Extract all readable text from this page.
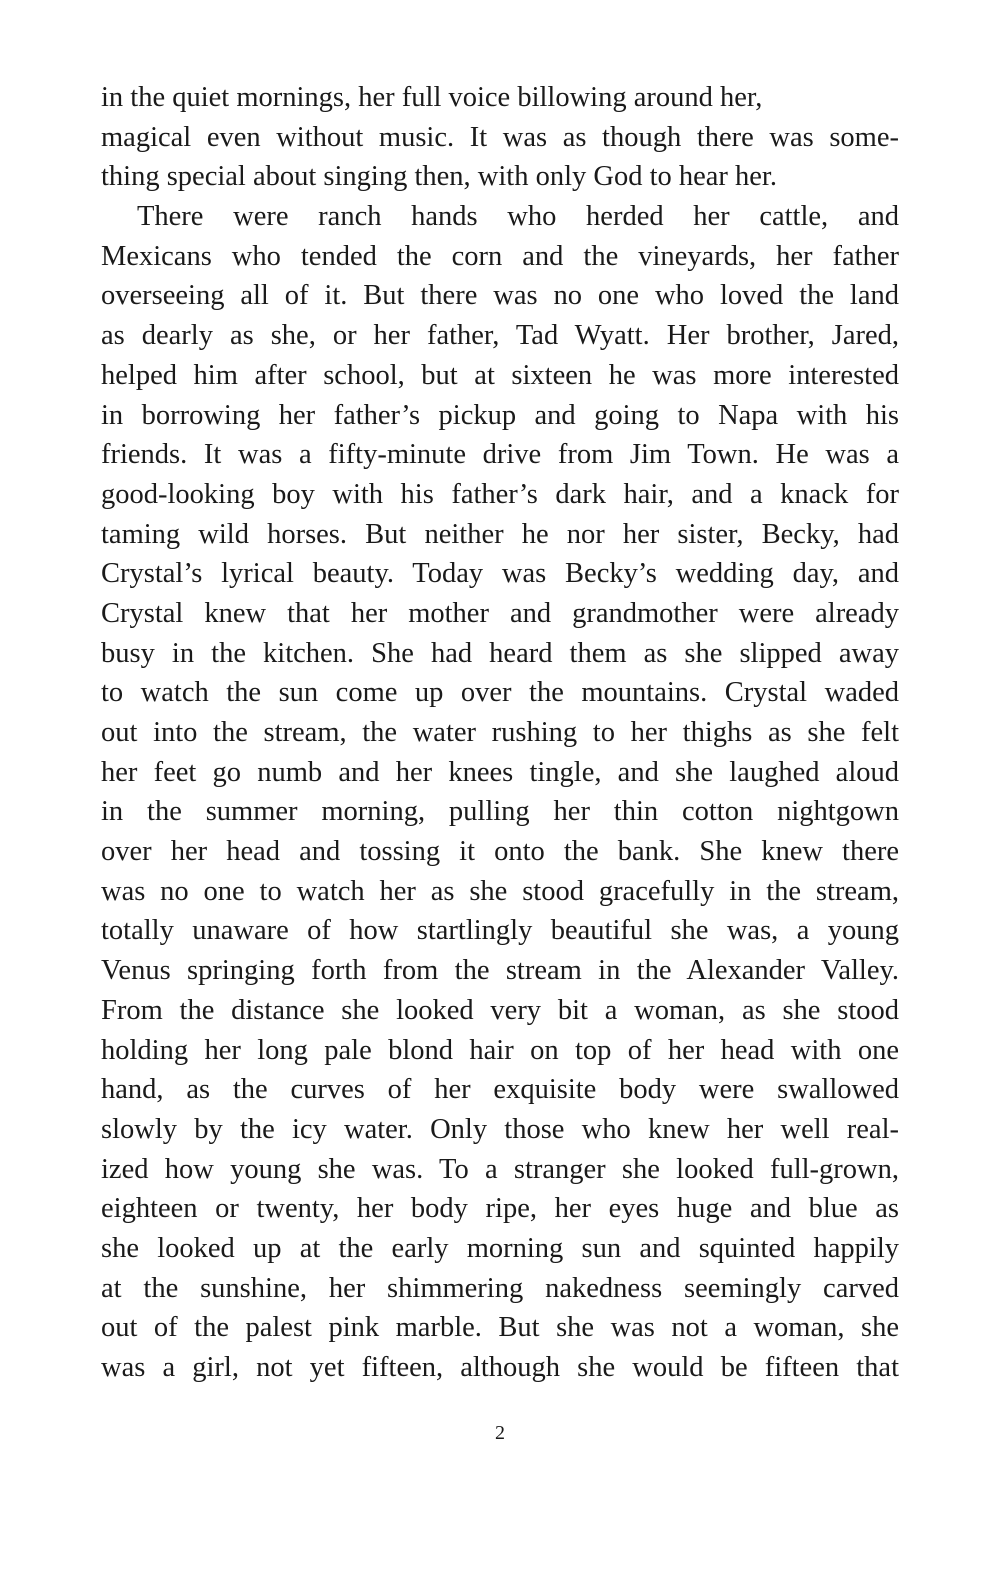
in the quiet mornings, her full voice billowing around her,
magical even without music. It was as though there was some-
thing special about singing then, with only God to hear her.
There were ranch hands who herded her cattle, and
Mexicans who tended the corn and the vineyards, her father
overseeing all of it. But there was no one who loved the land
as dearly as she, or her father, Tad Wyatt. Her brother, Jared,
helped him after school, but at sixteen he was more interested
in borrowing her father’s pickup and going to Napa with his
friends. It was a fifty-minute drive from Jim Town. He was a
good-looking boy with his father’s dark hair, and a knack for
taming wild horses. But neither he nor her sister, Becky, had
Crystal’s lyrical beauty. Today was Becky’s wedding day, and
Crystal knew that her mother and grandmother were already
busy in the kitchen. She had heard them as she slipped away
to watch the sun come up over the mountains. Crystal waded
out into the stream, the water rushing to her thighs as she felt
her feet go numb and her knees tingle, and she laughed aloud
in the summer morning, pulling her thin cotton nightgown
over her head and tossing it onto the bank. She knew there
was no one to watch her as she stood gracefully in the stream,
totally unaware of how startlingly beautiful she was, a young
Venus springing forth from the stream in the Alexander Valley.
From the distance she looked very bit a woman, as she stood
holding her long pale blond hair on top of her head with one
hand, as the curves of her exquisite body were swallowed
slowly by the icy water. Only those who knew her well real-
ized how young she was. To a stranger she looked full-grown,
eighteen or twenty, her body ripe, her eyes huge and blue as
she looked up at the early morning sun and squinted happily
at the sunshine, her shimmering nakedness seemingly carved
out of the palest pink marble. But she was not a woman, she
was a girl, not yet fifteen, although she would be fifteen that
2
